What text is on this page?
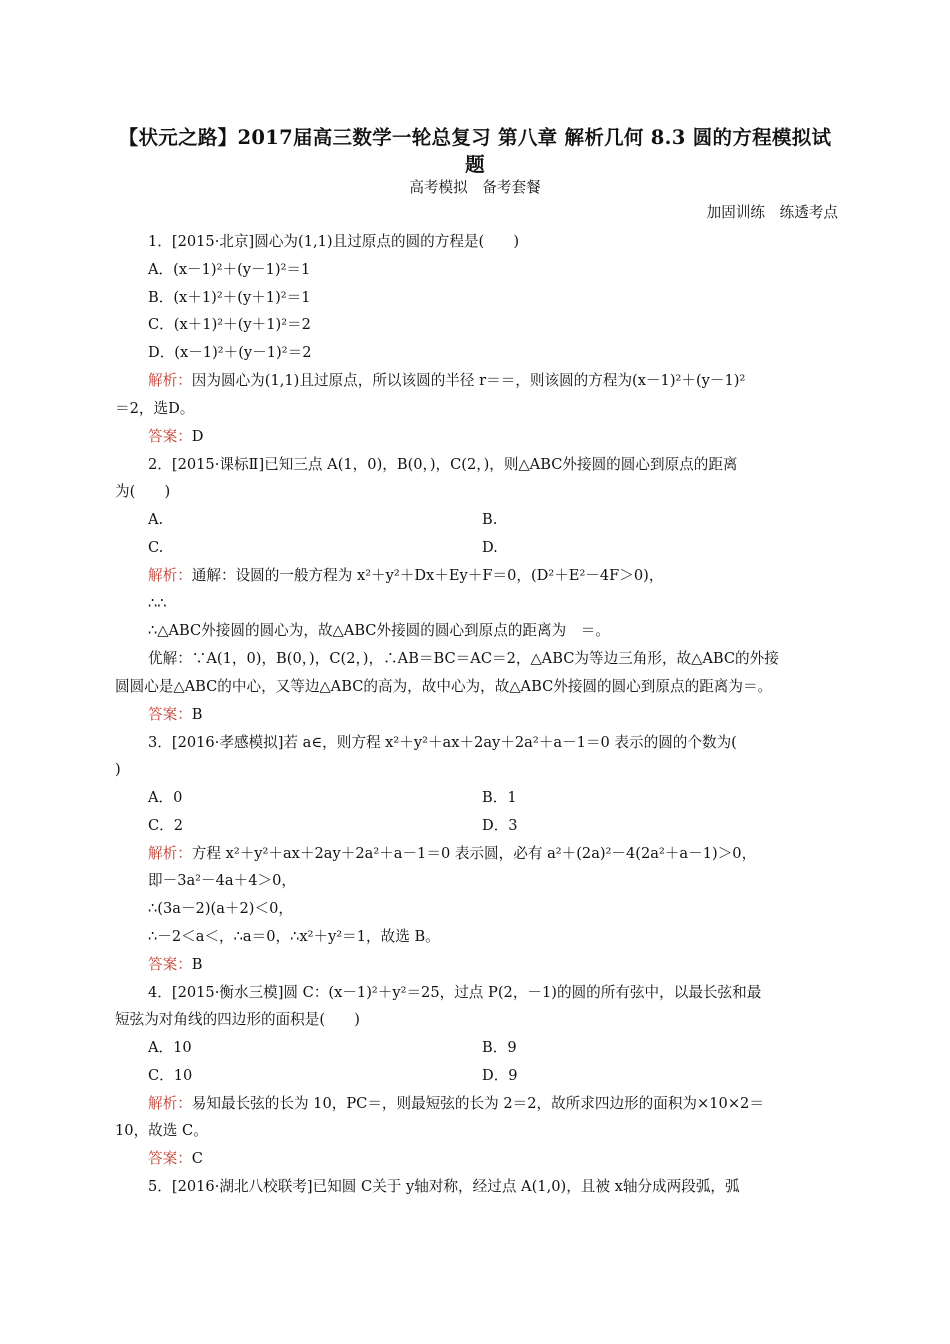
【状元之路】2017届高三数学一轮总复习 第八章 解析几何 8.3 圆的方程模拟试题
高考模拟　备考套餐
加固训练　练透考点
1．[2015·北京]圆心为(1,1)且过原点的圆的方程是(　　)
A．(x－1)²＋(y－1)²＝1
B．(x＋1)²＋(y＋1)²＝1
C．(x＋1)²＋(y＋1)²＝2
D．(x－1)²＋(y－1)²＝2
解析：因为圆心为(1,1)且过原点，所以该圆的半径 r＝＝，则该圆的方程为(x－1)²＋(y－1)²
＝2，选D。
答案：D
2．[2015·课标Ⅱ]已知三点 A(1，0)，B(0，)，C(2，)，则△ABC外接圆的圆心到原点的距离
为(　　)
A.	B.
C.	D.
解析：通解：设圆的一般方程为 x²＋y²＋Dx＋Ey＋F＝0，(D²＋E²－4F＞0)，
∴∴
∴△ABC外接圆的圆心为，故△ABC外接圆的圆心到原点的距离为　＝。
优解：∵A(1，0)，B(0，)，C(2，)，∴AB＝BC＝AC＝2，△ABC为等边三角形，故△ABC的外接
圆圆心是△ABC的中心，又等边△ABC的高为，故中心为，故△ABC外接圆的圆心到原点的距离为＝。
答案：B
3．[2016·孝感模拟]若 a∈，则方程 x²＋y²＋ax＋2ay＋2a²＋a－1＝0 表示的圆的个数为(
)
A．0	B．1
C．2	D．3
解析：方程 x²＋y²＋ax＋2ay＋2a²＋a－1＝0 表示圆，必有 a²＋(2a)²－4(2a²＋a－1)＞0，
即－3a²－4a＋4＞0，
∴(3a－2)(a＋2)＜0，
∴－2＜a＜，∴a＝0，∴x²＋y²＝1，故选 B。
答案：B
4．[2015·衡水三模]圆 C：(x－1)²＋y²＝25，过点 P(2，－1)的圆的所有弦中，以最长弦和最
短弦为对角线的四边形的面积是(　　)
A．10	B．9
C．10	D．9
解析：易知最长弦的长为 10，PC＝，则最短弦的长为 2＝2，故所求四边形的面积为×10×2＝
10，故选 C。
答案：C
5．[2016·湖北八校联考]已知圆 C关于 y轴对称，经过点 A(1,0)，且被 x轴分成两段弧，弧
